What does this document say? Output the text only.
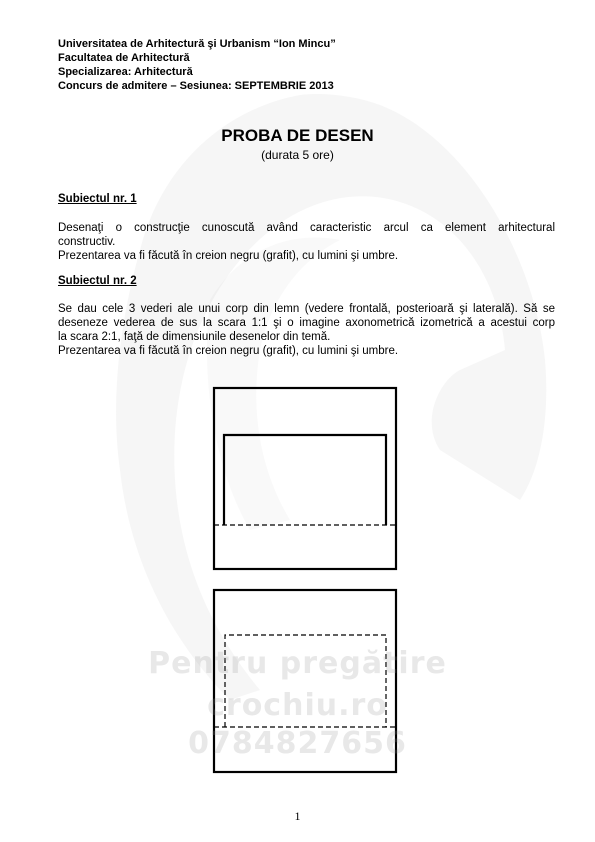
Universitatea de Arhitectură şi Urbanism “Ion Mincu”
Facultatea de Arhitectură
Specializarea: Arhitectură
Concurs de admitere – Sesiunea: SEPTEMBRIE 2013
PROBA DE DESEN
(durata 5 ore)
Subiectul nr. 1
Desenaţi o construcţie cunoscută având caracteristic arcul ca element arhitectural
constructiv.
Prezentarea va fi făcută în creion negru (grafit), cu lumini şi umbre.
Subiectul nr. 2
Se dau cele 3 vederi ale unui corp din lemn (vedere frontală, posterioară şi laterală). Să se
deseneze vederea de sus la scara 1:1 şi o imagine axonometrică izometrică a acestui corp
la scara 2:1, faţă de dimensiunile desenelor din temă.
Prezentarea va fi făcută în creion negru (grafit), cu lumini şi umbre.
Pentru pregătire
crochiu.ro
0784827656
1
